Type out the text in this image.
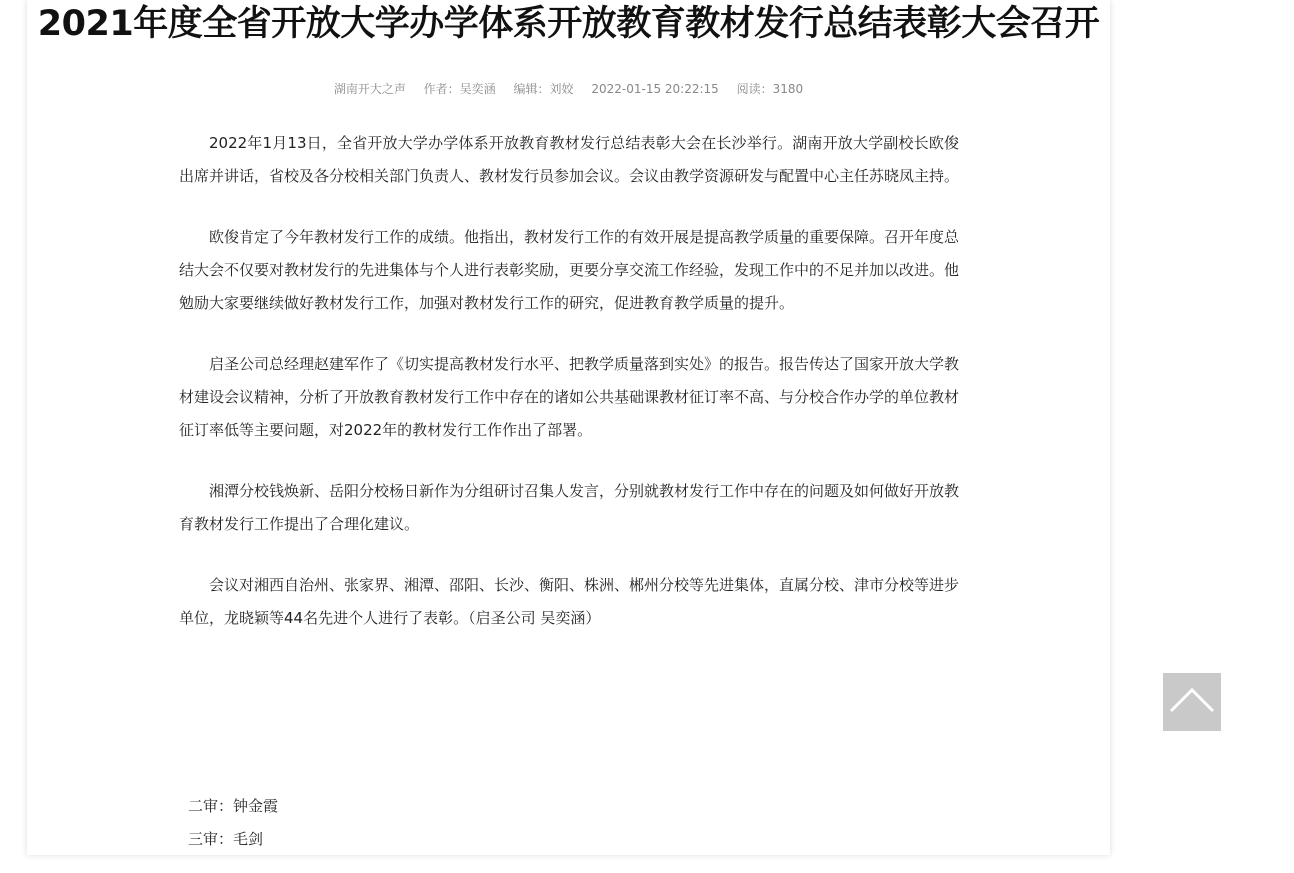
2021年度全省开放大学办学体系开放教育教材发行总结表彰大会召开
湖南开大之声 作者：吴奕涵 编辑：刘姣 2022-01-15 20:22:15 阅读：3180

2022年1月13日，全省开放大学办学体系开放教育教材发行总结表彰大会在长沙举行。湖南开放大学副校长欧俊出席并讲话，省校及各分校相关部门负责人、教材发行员参加会议。会议由教学资源研发与配置中心主任苏晓凤主持。

欧俊肯定了今年教材发行工作的成绩。他指出，教材发行工作的有效开展是提高教学质量的重要保障。召开年度总结大会不仅要对教材发行的先进集体与个人进行表彰奖励，更要分享交流工作经验，发现工作中的不足并加以改进。他勉励大家要继续做好教材发行工作，加强对教材发行工作的研究，促进教育教学质量的提升。

启圣公司总经理赵建军作了《切实提高教材发行水平、把教学质量落到实处》的报告。报告传达了国家开放大学教材建设会议精神，分析了开放教育教材发行工作中存在的诸如公共基础课教材征订率不高、与分校合作办学的单位教材征订率低等主要问题，对2022年的教材发行工作作出了部署。

湘潭分校钱焕新、岳阳分校杨日新作为分组研讨召集人发言，分别就教材发行工作中存在的问题及如何做好开放教育教材发行工作提出了合理化建议。

会议对湘西自治州、张家界、湘潭、邵阳、长沙、衡阳、株洲、郴州分校等先进集体，直属分校、津市分校等进步单位，龙晓颖等44名先进个人进行了表彰。（启圣公司 吴奕涵）

二审：钟金霞
三审：毛剑
